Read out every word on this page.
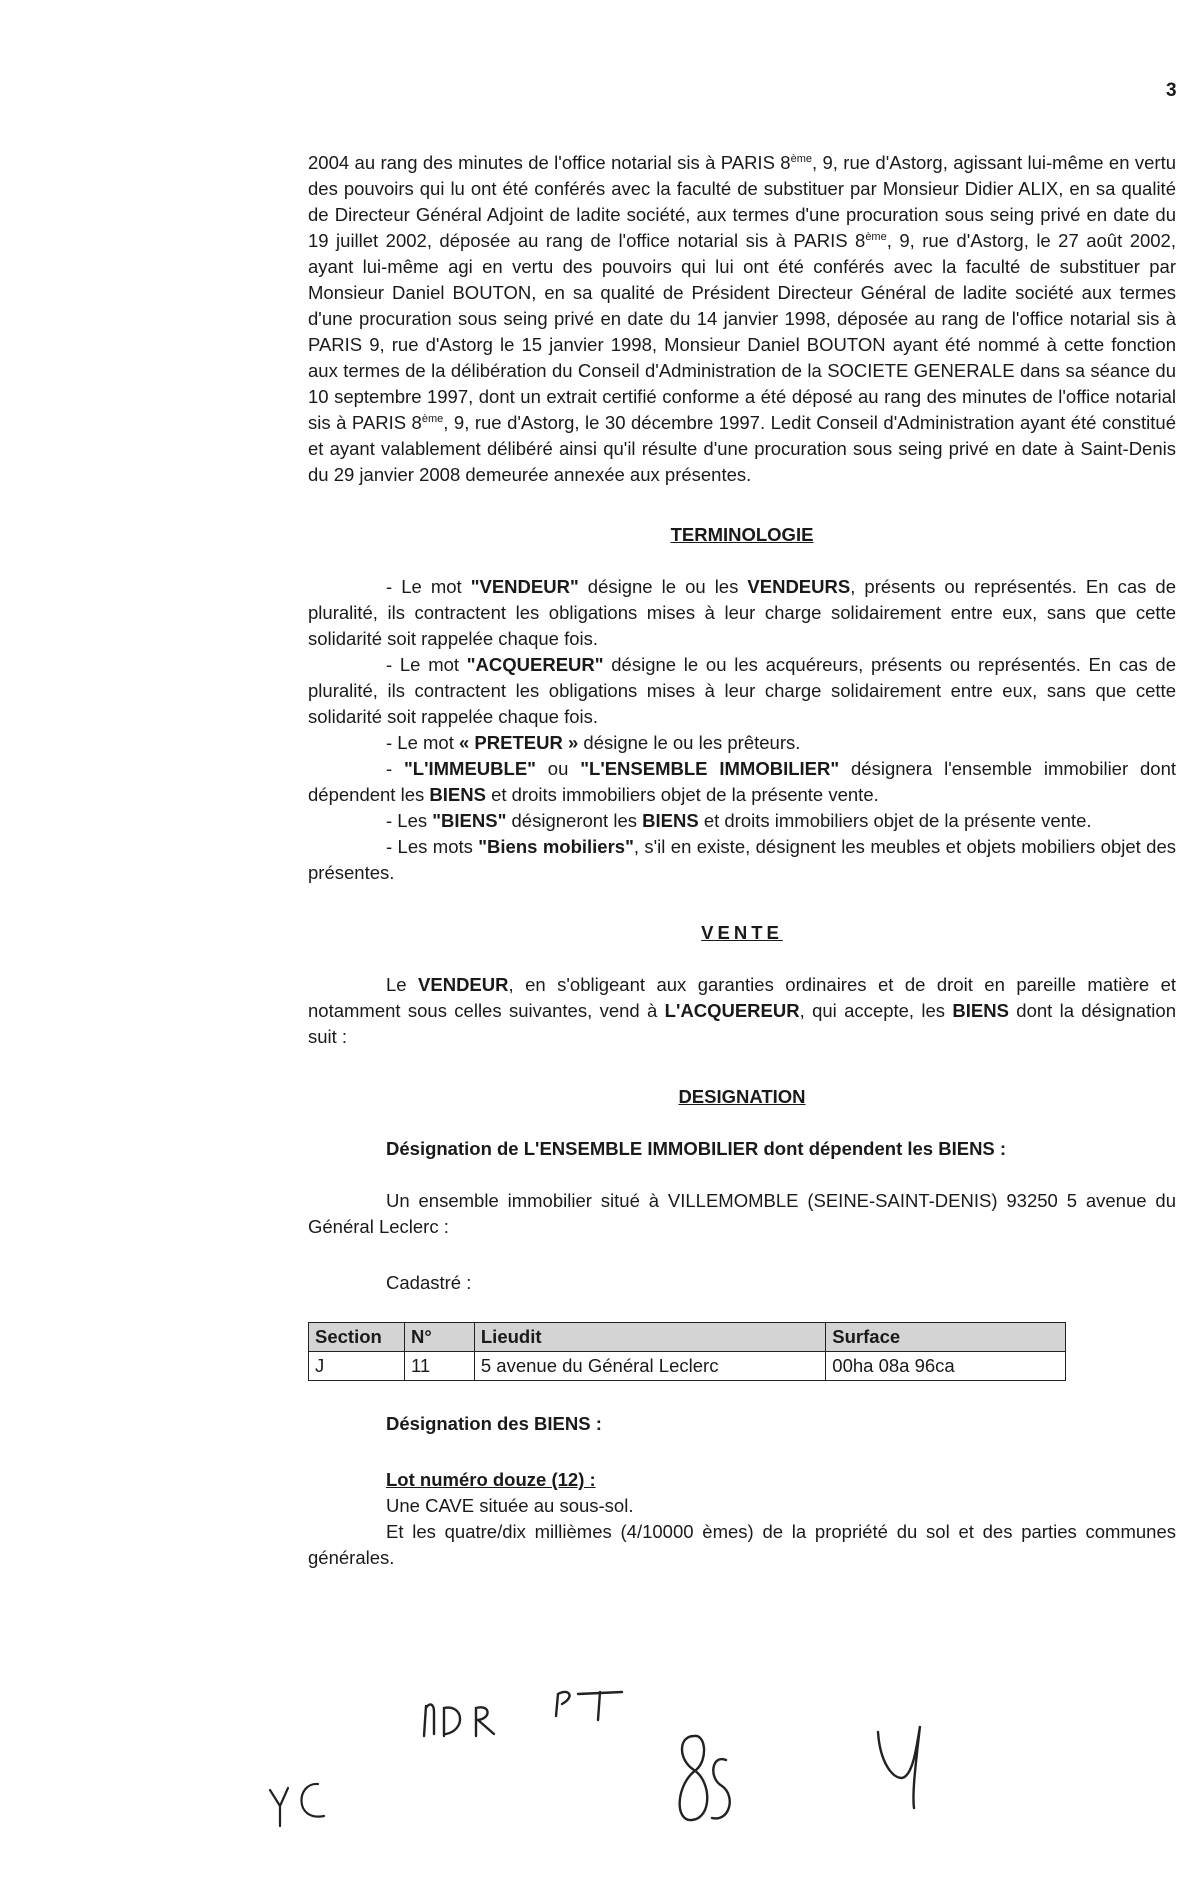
3

2004 au rang des minutes de l'office notarial sis à PARIS 8ème, 9, rue d'Astorg, agissant lui-même en vertu des pouvoirs qui lu ont été conférés avec la faculté de substituer par Monsieur Didier ALIX, en sa qualité de Directeur Général Adjoint de ladite société, aux termes d'une procuration sous seing privé en date du 19 juillet 2002, déposée au rang de l'office notarial sis à PARIS 8ème, 9, rue d'Astorg, le 27 août 2002, ayant lui-même agi en vertu des pouvoirs qui lui ont été conférés avec la faculté de substituer par Monsieur Daniel BOUTON, en sa qualité de Président Directeur Général de ladite société aux termes d'une procuration sous seing privé en date du 14 janvier 1998, déposée au rang de l'office notarial sis à PARIS 9, rue d'Astorg le 15 janvier 1998, Monsieur Daniel BOUTON ayant été nommé à cette fonction aux termes de la délibération du Conseil d'Administration de la SOCIETE GENERALE dans sa séance du 10 septembre 1997, dont un extrait certifié conforme a été déposé au rang des minutes de l'office notarial sis à PARIS 8ème, 9, rue d'Astorg, le 30 décembre 1997. Ledit Conseil d'Administration ayant été constitué et ayant valablement délibéré ainsi qu'il résulte d'une procuration sous seing privé en date à Saint-Denis du 29 janvier 2008 demeurée annexée aux présentes.

TERMINOLOGIE

- Le mot "VENDEUR" désigne le ou les VENDEURS, présents ou représentés. En cas de pluralité, ils contractent les obligations mises à leur charge solidairement entre eux, sans que cette solidarité soit rappelée chaque fois.

- Le mot "ACQUEREUR" désigne le ou les acquéreurs, présents ou représentés. En cas de pluralité, ils contractent les obligations mises à leur charge solidairement entre eux, sans que cette solidarité soit rappelée chaque fois.

- Le mot « PRETEUR » désigne le ou les prêteurs.

- "L'IMMEUBLE" ou "L'ENSEMBLE IMMOBILIER" désignera l'ensemble immobilier dont dépendent les BIENS et droits immobiliers objet de la présente vente.

- Les "BIENS" désigneront les BIENS et droits immobiliers objet de la présente vente.

- Les mots "Biens mobiliers", s'il en existe, désignent les meubles et objets mobiliers objet des présentes.

VENTE

Le VENDEUR, en s'obligeant aux garanties ordinaires et de droit en pareille matière et notamment sous celles suivantes, vend à L'ACQUEREUR, qui accepte, les BIENS dont la désignation suit :

DESIGNATION
Désignation de L'ENSEMBLE IMMOBILIER dont dépendent les BIENS :

Un ensemble immobilier situé à VILLEMOMBLE (SEINE-SAINT-DENIS) 93250 5 avenue du Général Leclerc :

Cadastré :
Section	N°	Lieudit	Surface
J	11	5 avenue du Général Leclerc	00ha 08a 96ca
Désignation des BIENS :
Lot numéro douze (12) :
Une CAVE située au sous-sol.

Et les quatre/dix millièmes (4/10000 èmes) de la propriété du sol et des parties communes générales.
